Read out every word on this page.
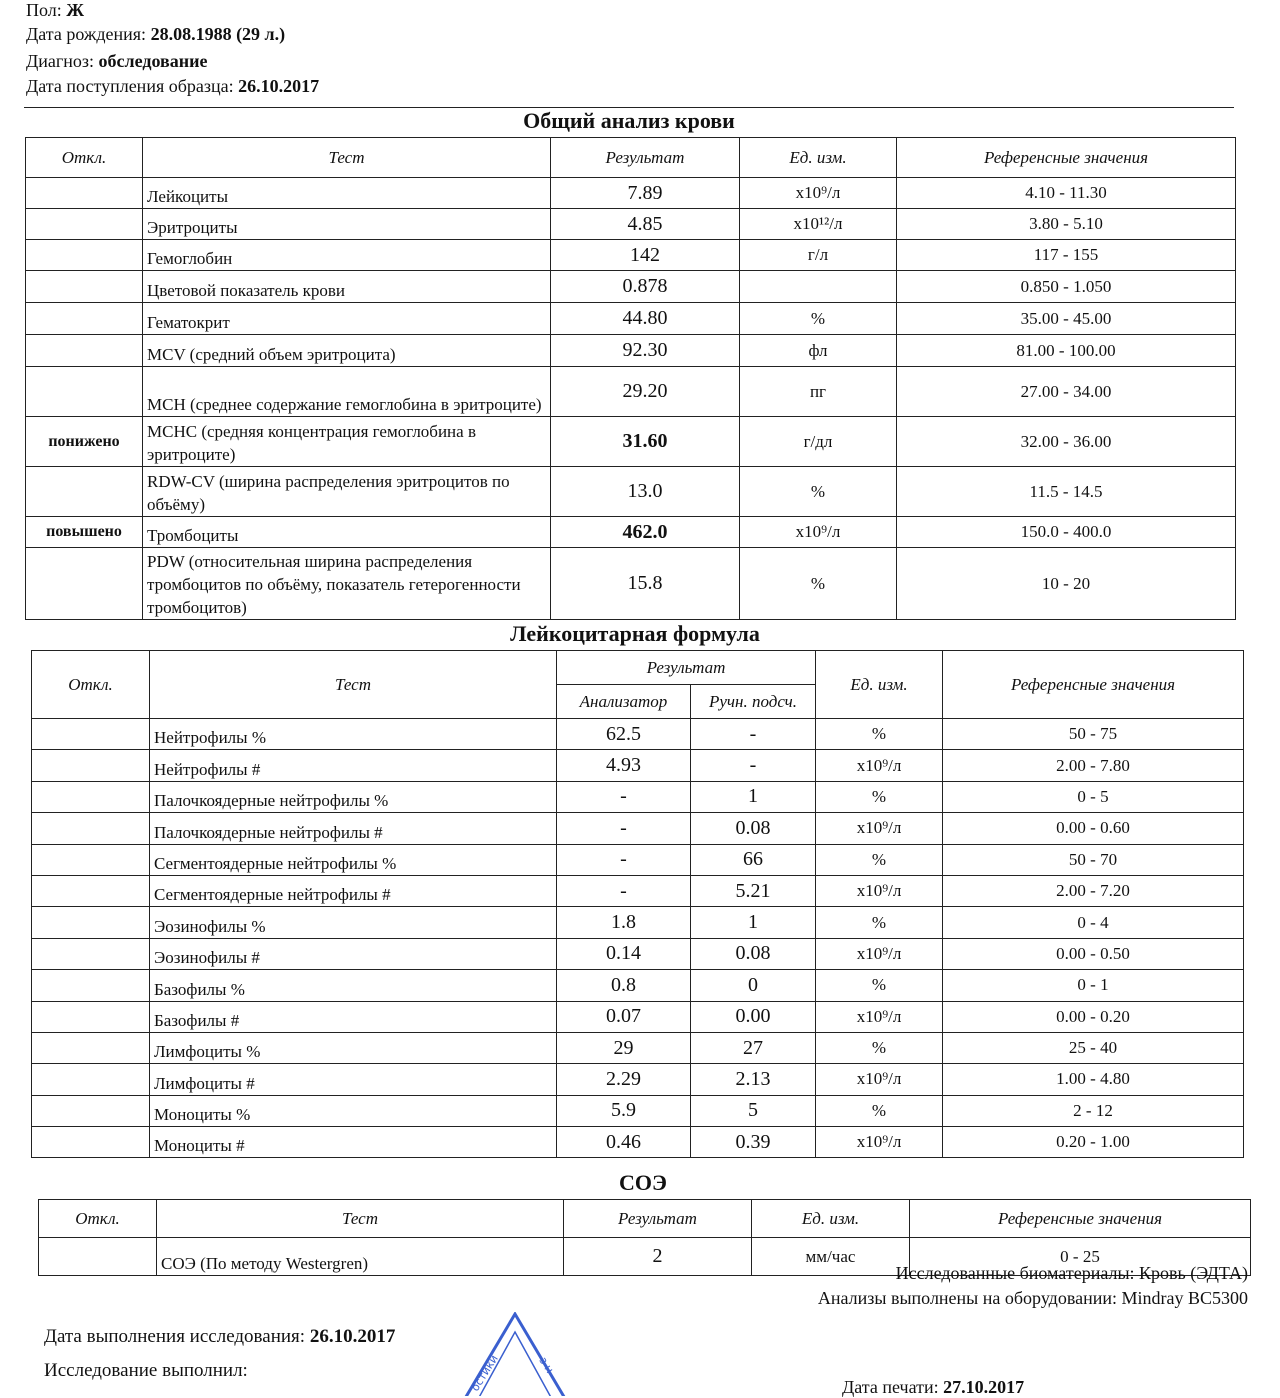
Пол: Ж
Дата рождения: 28.08.1988 (29 л.)
Диагноз: обследование
Дата поступления образца: 26.10.2017
Общий анализ крови
Откл.	Тест	Результат	Ед. изм.	Референсные значения
	Лейкоциты	7.89	x10⁹/л	4.10 - 11.30
	Эритроциты	4.85	x10¹²/л	3.80 - 5.10
	Гемоглобин	142	г/л	117 - 155
	Цветовой показатель крови	0.878		0.850 - 1.050
	Гематокрит	44.80	%	35.00 - 45.00
	MCV (средний объем эритроцита)	92.30	фл	81.00 - 100.00
	MCH (среднее содержание гемоглобина в эритроците)	29.20	пг	27.00 - 34.00
понижено	MCHC (средняя концентрация гемоглобина в эритроците)	31.60	г/дл	32.00 - 36.00
	RDW-CV (ширина распределения эритроцитов по объёму)	13.0	%	11.5 - 14.5
повышено	Тромбоциты	462.0	x10⁹/л	150.0 - 400.0
	PDW (относительная ширина распределения тромбоцитов по объёму, показатель гетерогенности тромбоцитов)	15.8	%	10 - 20
Лейкоцитарная формула
Откл.	Тест	Результат		Ед. изм.	Референсные значения
		Анализатор	Ручн. подсч.		
	Нейтрофилы %	62.5	-	%	50 - 75
	Нейтрофилы #	4.93	-	x10⁹/л	2.00 - 7.80
	Палочкоядерные нейтрофилы %	-	1	%	0 - 5
	Палочкоядерные нейтрофилы #	-	0.08	x10⁹/л	0.00 - 0.60
	Сегментоядерные нейтрофилы %	-	66	%	50 - 70
	Сегментоядерные нейтрофилы #	-	5.21	x10⁹/л	2.00 - 7.20
	Эозинофилы %	1.8	1	%	0 - 4
	Эозинофилы #	0.14	0.08	x10⁹/л	0.00 - 0.50
	Базофилы %	0.8	0	%	0 - 1
	Базофилы #	0.07	0.00	x10⁹/л	0.00 - 0.20
	Лимфоциты %	29	27	%	25 - 40
	Лимфоциты #	2.29	2.13	x10⁹/л	1.00 - 4.80
	Моноциты %	5.9	5	%	2 - 12
	Моноциты #	0.46	0.39	x10⁹/л	0.20 - 1.00
СОЭ
Откл.	Тест	Результат	Ед. изм.	Референсные значения
	СОЭ (По методу Westergren)	2	мм/час	0 - 25
Исследованные биоматериалы: Кровь (ЭДТА)
Анализы выполнены на оборудовании: Mindray BC5300
Дата выполнения исследования: 26.10.2017
Исследование выполнил:
Дата печати: 27.10.2017
остики	з н
